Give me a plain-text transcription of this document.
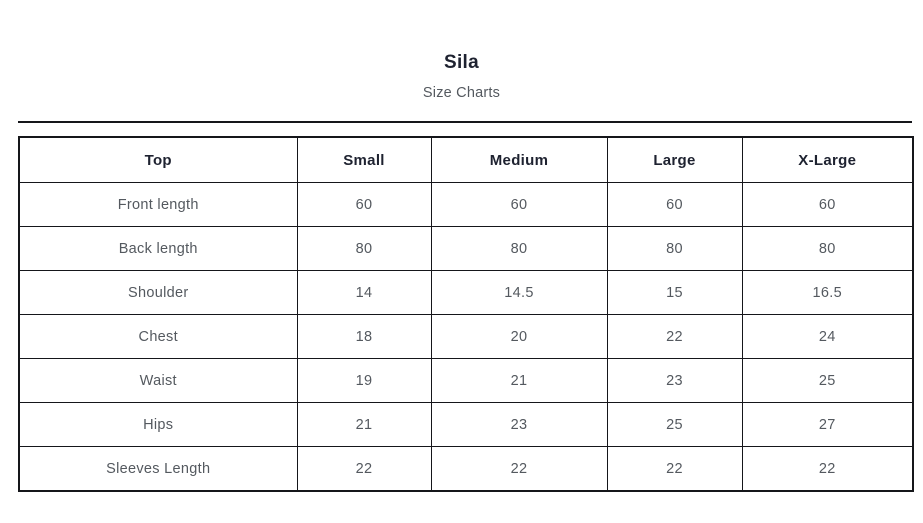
Sila
Size Charts
Top	Small	Medium	Large	X-Large
Front length	60	60	60	60
Back length	80	80	80	80
Shoulder	14	14.5	15	16.5
Chest	18	20	22	24
Waist	19	21	23	25
Hips	21	23	25	27
Sleeves Length	22	22	22	22
